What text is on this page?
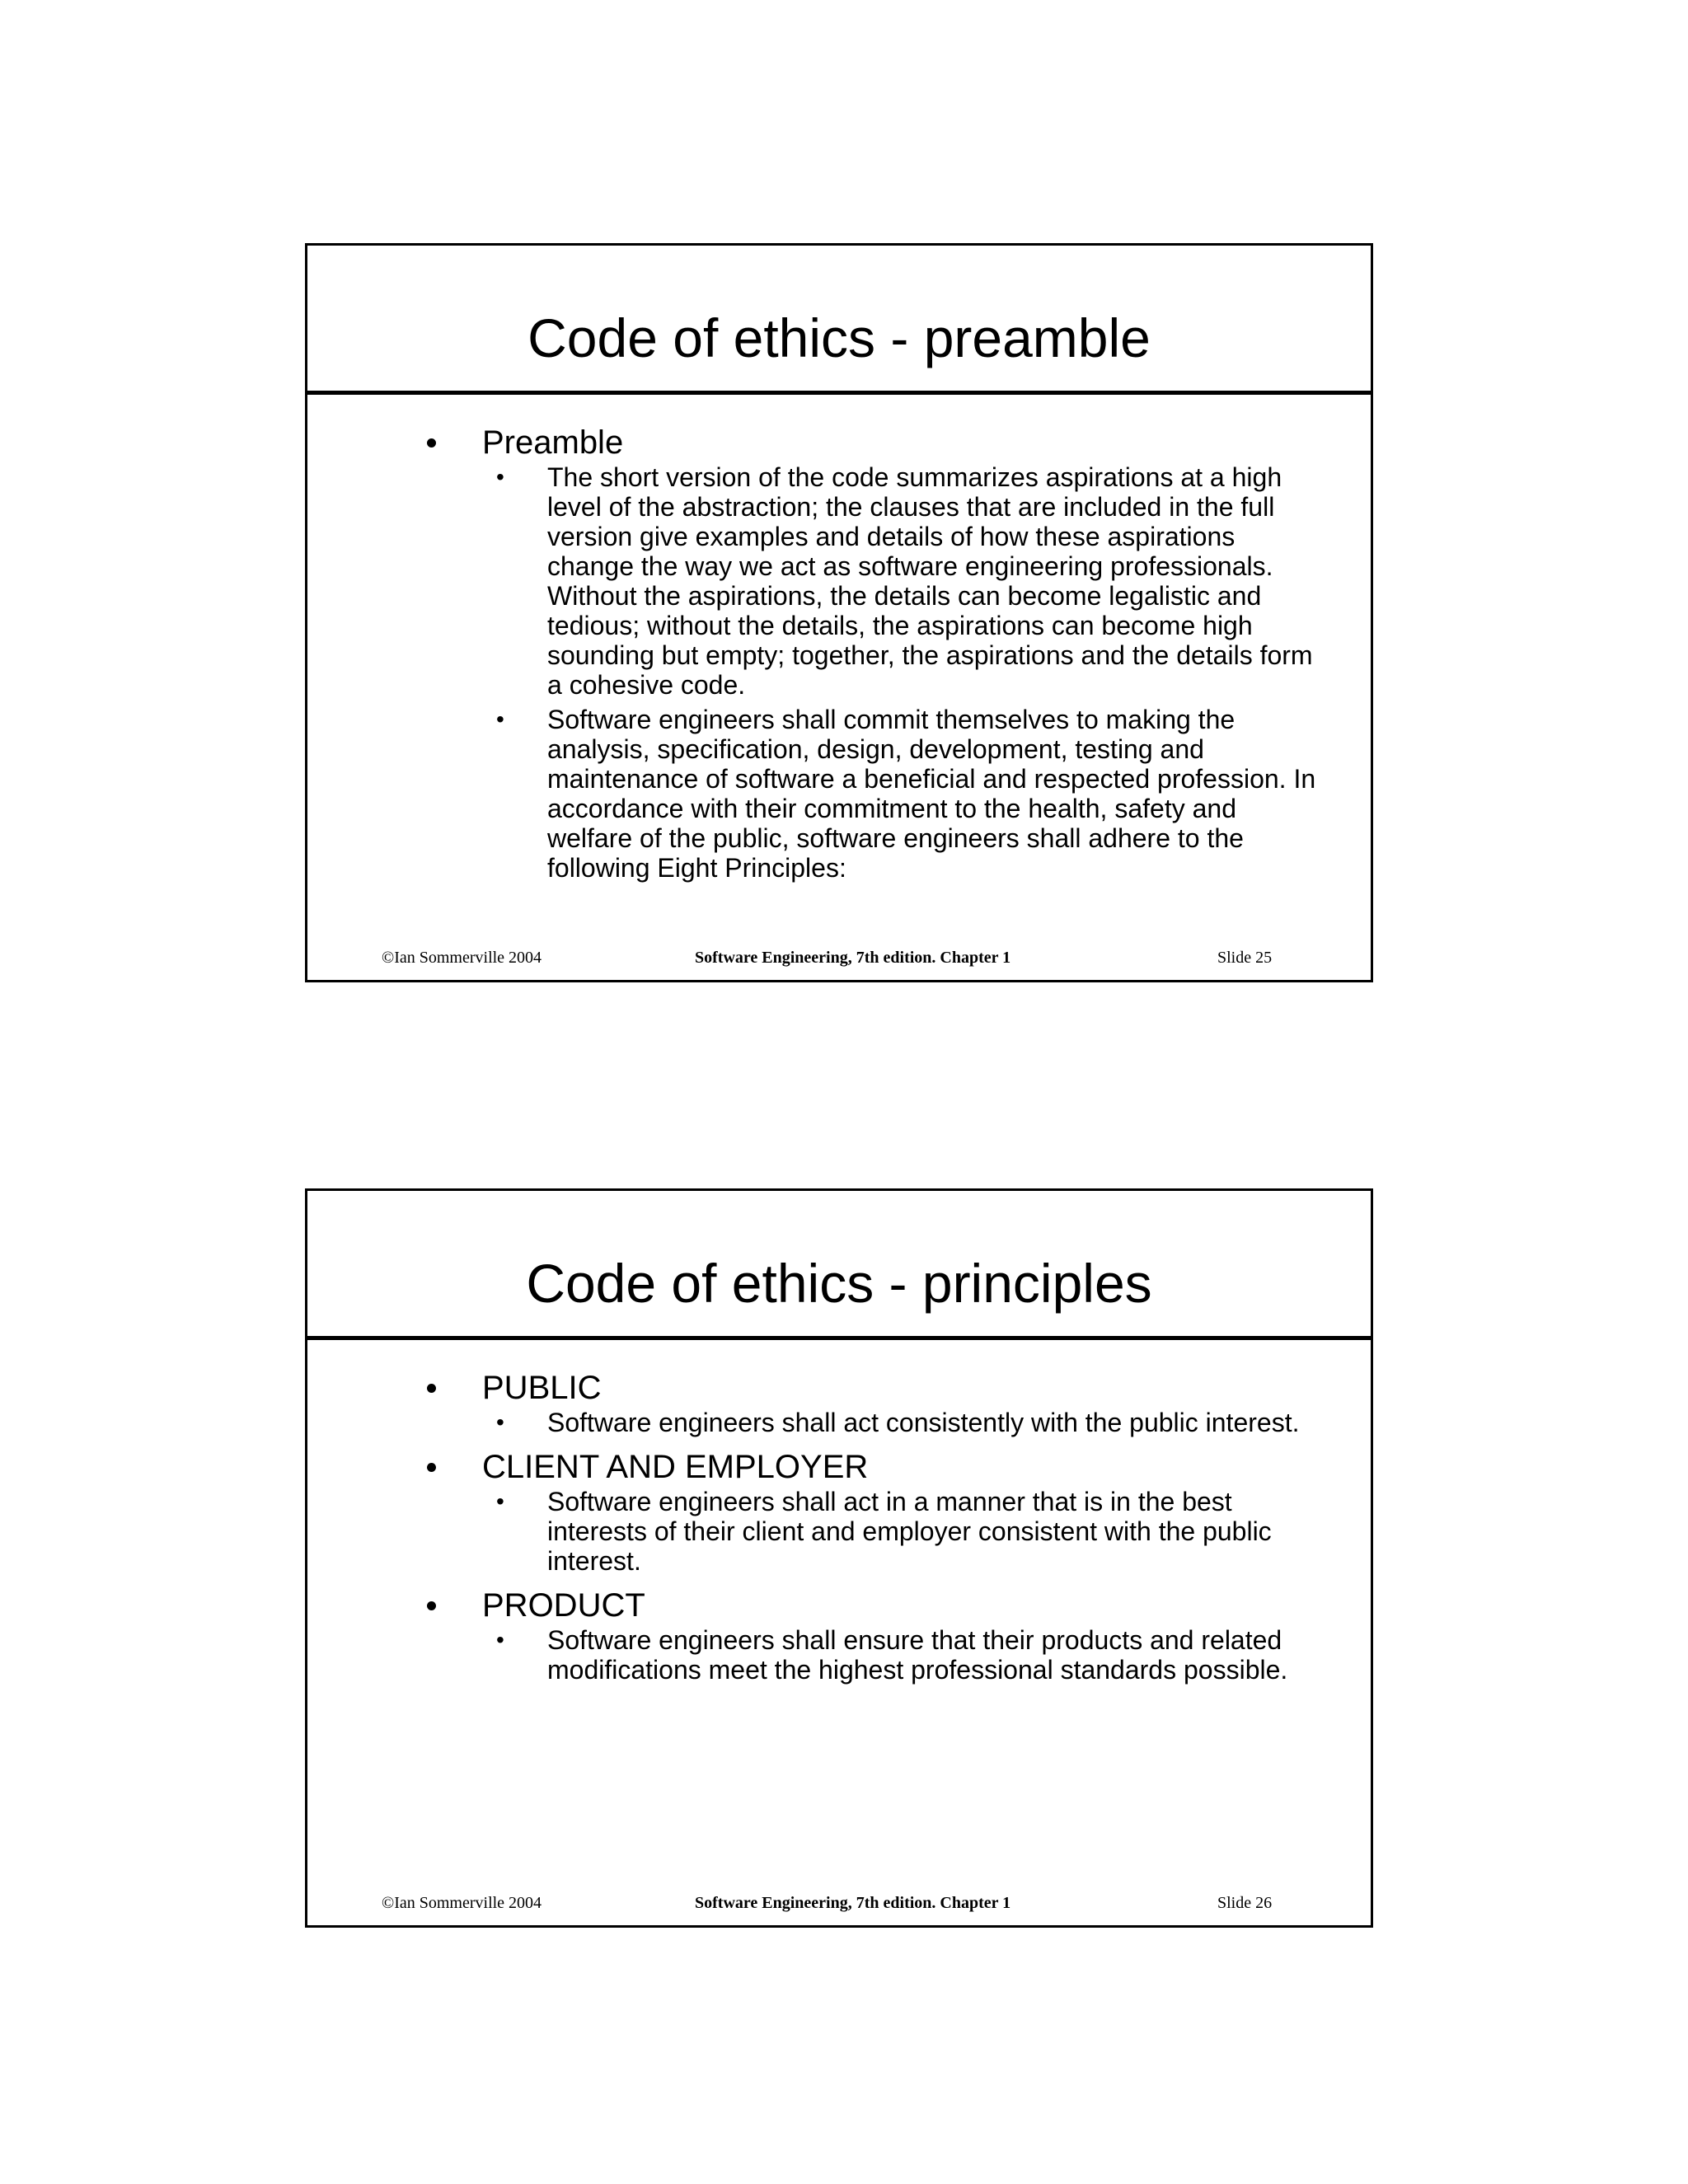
Code of ethics - preamble
Preamble
• The short version of the code summarizes aspirations at a high level of the abstraction; the clauses that are included in the full version give examples and details of how these aspirations change the way we act as software engineering professionals. Without the aspirations, the details can become legalistic and tedious; without the details, the aspirations can become high sounding but empty; together, the aspirations and the details form a cohesive code.
• Software engineers shall commit themselves to making the analysis, specification, design, development, testing and maintenance of software a beneficial and respected profession. In accordance with their commitment to the health, safety and welfare of the public, software engineers shall adhere to the following Eight Principles:
©Ian Sommerville 2004	Software Engineering, 7th edition. Chapter 1	Slide 25
Code of ethics - principles
PUBLIC
• Software engineers shall act consistently with the public interest.
CLIENT AND EMPLOYER
• Software engineers shall act in a manner that is in the best interests of their client and employer consistent with the public interest.
PRODUCT
• Software engineers shall ensure that their products and related modifications meet the highest professional standards possible.
©Ian Sommerville 2004	Software Engineering, 7th edition. Chapter 1	Slide 26
